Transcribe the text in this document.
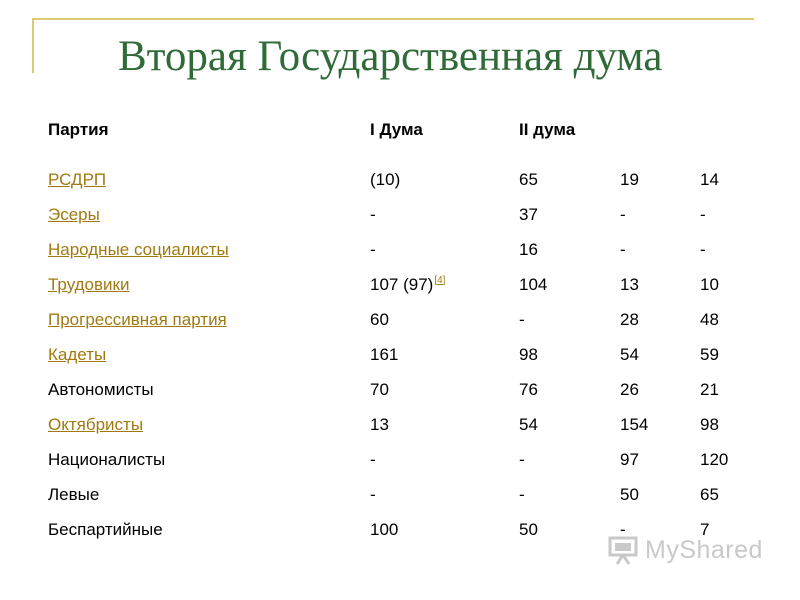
Вторая Государственная дума
Партия	I Дума	II дума		

РСДРП	(10)	65	19	14
Эсеры	-	37	-	-
Народные социалисты	-	16	-	-
Трудовики	107 (97)[4]	104	13	10
Прогрессивная партия	60	-	28	48
Кадеты	161	98	54	59
Автономисты	70	76	26	21
Октябристы	13	54	154	98
Националисты	-	-	97	120
Левые	-	-	50	65
Беспартийные	100	50	-	7
MyShared
